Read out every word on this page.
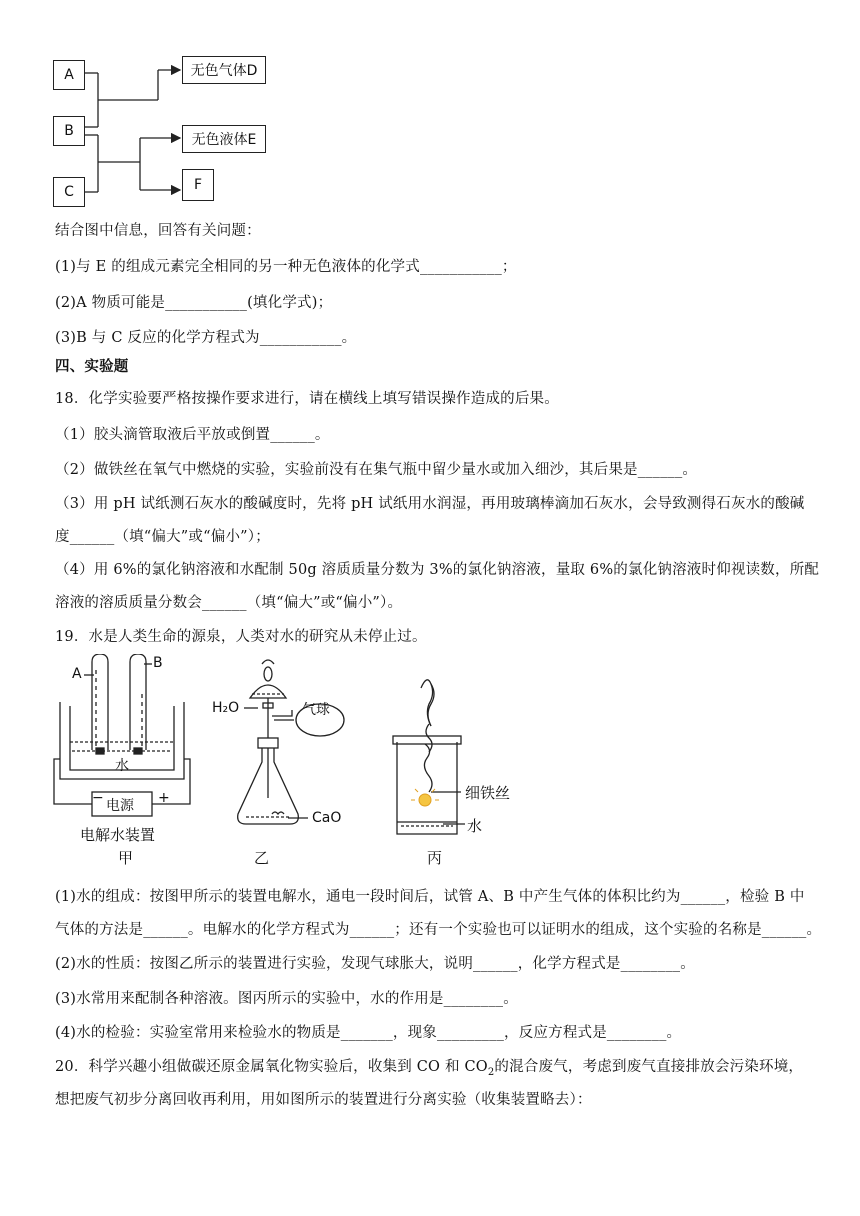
A
B
C
无色气体D
无色液体E
F
结合图中信息，回答有关问题：
(1)与 E 的组成元素完全相同的另一种无色液体的化学式___________；
(2)A 物质可能是___________(填化学式)；
(3)B 与 C 反应的化学方程式为___________。
四、实验题
18．化学实验要严格按操作要求进行，请在横线上填写错误操作造成的后果。
（1）胶头滴管取液后平放或倒置______。
（2）做铁丝在氧气中燃烧的实验，实验前没有在集气瓶中留少量水或加入细沙，其后果是______。
（3）用 pH 试纸测石灰水的酸碱度时，先将 pH 试纸用水润湿，再用玻璃棒滴加石灰水，会导致测得石灰水的酸碱
度______（填“偏大”或“偏小”）；
（4）用 6%的氯化钠溶液和水配制 50g 溶质质量分数为 3%的氯化钠溶液，量取 6%的氯化钠溶液时仰视读数，所配
溶液的溶质质量分数会______（填“偏大”或“偏小”）。
19．水是人类生命的源泉，人类对水的研究从未停止过。
A
B
水
电源
−	+
电解水装置
甲
H₂O	气球
CaO
乙
细铁丝
水
丙
(1)水的组成：按图甲所示的装置电解水，通电一段时间后，试管 A、B 中产生气体的体积比约为______，检验 B 中
气体的方法是______。电解水的化学方程式为______；还有一个实验也可以证明水的组成，这个实验的名称是______。
(2)水的性质：按图乙所示的装置进行实验，发现气球胀大，说明______，化学方程式是________。
(3)水常用来配制各种溶液。图丙所示的实验中，水的作用是________。
(4)水的检验：实验室常用来检验水的物质是_______，现象_________，反应方程式是________。
20．科学兴趣小组做碳还原金属氧化物实验后，收集到 CO 和 $CO_2$的混合废气，考虑到废气直接排放会污染环境，
想把废气初步分离回收再利用，用如图所示的装置进行分离实验（收集装置略去）：
